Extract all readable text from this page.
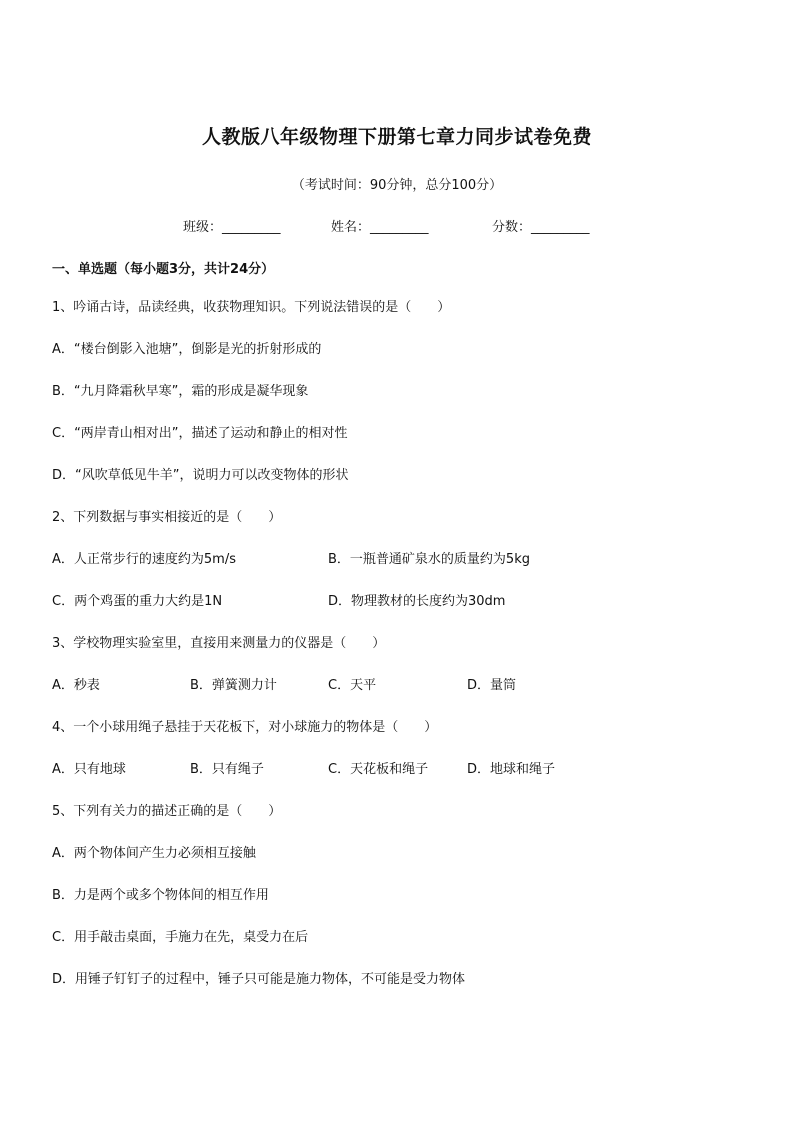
人教版八年级物理下册第七章力同步试卷免费
（考试时间：90分钟，总分100分）
班级：_________	姓名：_________	分数：_________
一、单选题（每小题3分，共计24分）
1、吟诵古诗，品读经典，收获物理知识。下列说法错误的是（　　）
A．“楼台倒影入池塘”，倒影是光的折射形成的
B．“九月降霜秋早寒”，霜的形成是凝华现象
C．“两岸青山相对出”，描述了运动和静止的相对性
D．“风吹草低见牛羊”，说明力可以改变物体的形状
2、下列数据与事实相接近的是（　　）
A．人正常步行的速度约为5m/s	B．一瓶普通矿泉水的质量约为5kg
C．两个鸡蛋的重力大约是1N	D．物理教材的长度约为30dm
3、学校物理实验室里，直接用来测量力的仪器是（　　）
A．秒表	B．弹簧测力计	C．天平	D．量筒
4、一个小球用绳子悬挂于天花板下，对小球施力的物体是（　　）
A．只有地球	B．只有绳子	C．天花板和绳子	D．地球和绳子
5、下列有关力的描述正确的是（　　）
A．两个物体间产生力必须相互接触
B．力是两个或多个物体间的相互作用
C．用手敲击桌面，手施力在先，桌受力在后
D．用锤子钉钉子的过程中，锤子只可能是施力物体，不可能是受力物体
